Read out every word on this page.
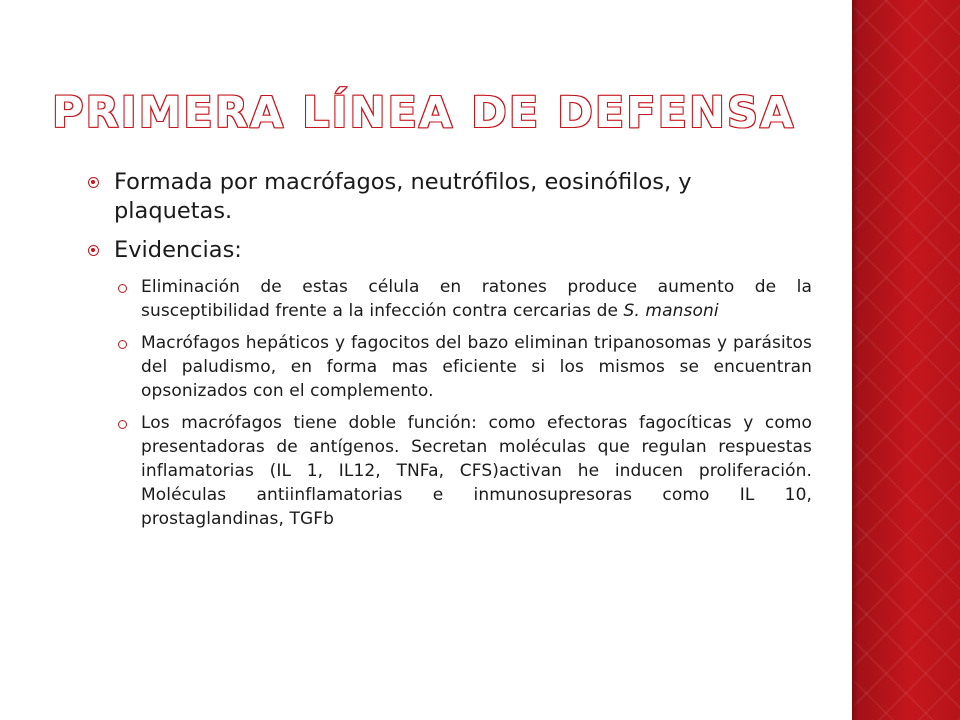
PRIMERA LÍNEA DE DEFENSA
Formada por macrófagos, neutrófilos, eosinófilos, y plaquetas.
Evidencias:
Eliminación de estas célula en ratones produce aumento de la susceptibilidad frente a la infección contra cercarias de S. mansoni
Macrófagos hepáticos y fagocitos del bazo eliminan tripanosomas y parásitos del paludismo, en forma mas eficiente si los mismos se encuentran opsonizados con el complemento.
Los macrófagos tiene doble función: como efectoras fagocíticas y como presentadoras de antígenos. Secretan moléculas que regulan respuestas inflamatorias (IL 1, IL12, TNFa, CFS)activan he inducen proliferación. Moléculas antiinflamatorias e inmunosupresoras como IL 10, prostaglandinas, TGFb
